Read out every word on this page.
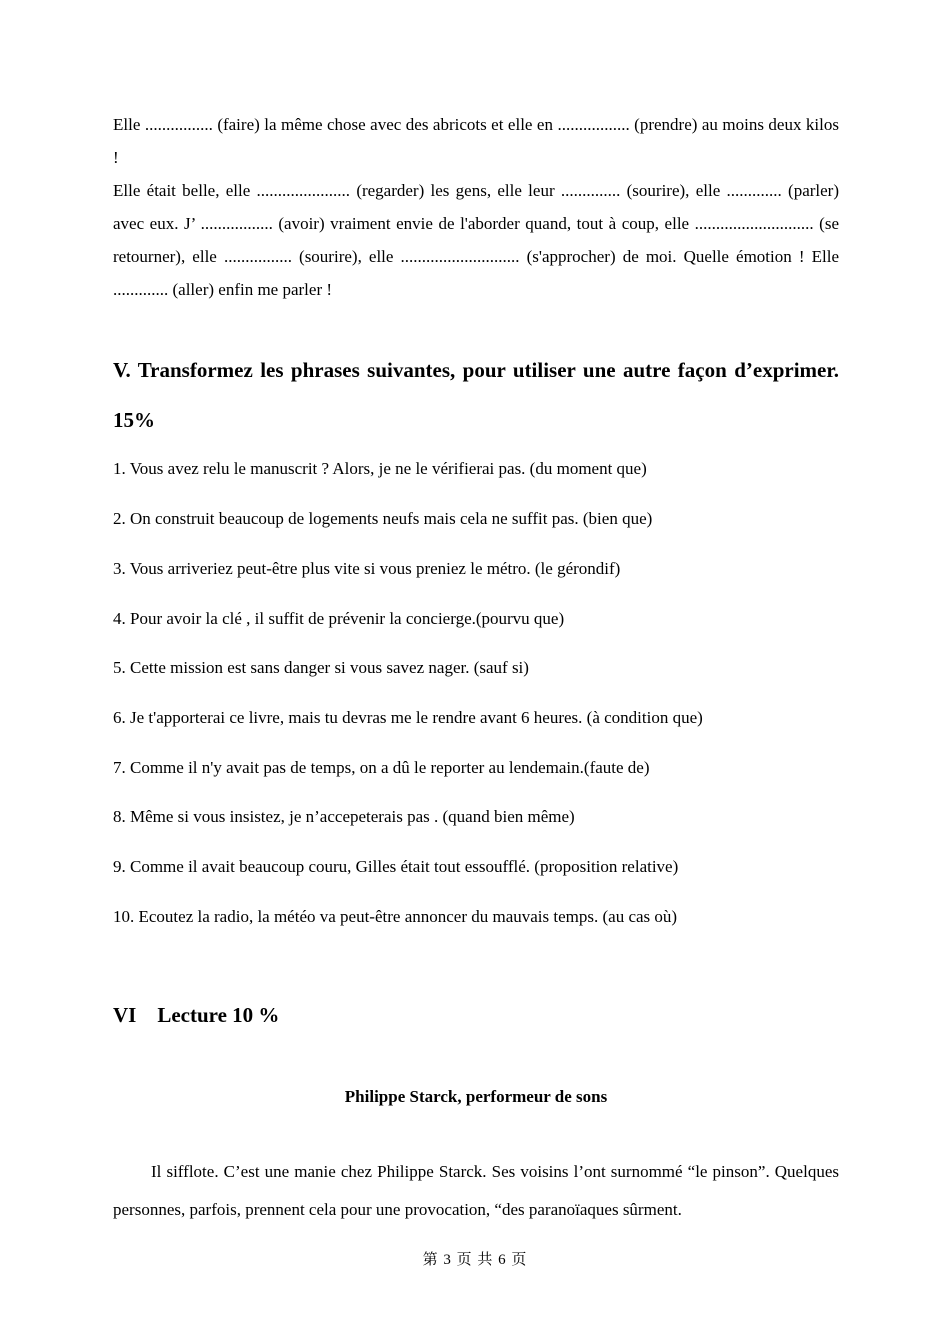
Elle ................ (faire) la même chose avec des abricots et elle en ................. (prendre) au moins deux kilos !

Elle était belle, elle ...................... (regarder) les gens, elle leur .............. (sourire), elle ............. (parler) avec eux. J’ ................. (avoir) vraiment envie de l'aborder quand, tout à coup, elle ............................ (se retourner), elle ................ (sourire), elle ............................ (s'approcher) de moi. Quelle émotion ! Elle ............. (aller) enfin me parler !

V. Transformez les phrases suivantes, pour utiliser une autre façon d’exprimer. 15%

1. Vous avez relu le manuscrit ? Alors, je ne le vérifierai pas. (du moment que)

2. On construit beaucoup de logements neufs mais cela ne suffit pas. (bien que)

3. Vous arriveriez peut-être plus vite si vous preniez le métro. (le gérondif)

4. Pour avoir la clé , il suffit de prévenir la concierge.(pourvu que)

5. Cette mission est sans danger si vous savez nager. (sauf si)

6. Je t'apporterai ce livre, mais tu devras me le rendre avant 6 heures. (à condition que)

7. Comme il n'y avait pas de temps, on a dû le reporter au lendemain.(faute de)

8. Même si vous insistez, je n’accepeterais pas . (quand bien même)

9. Comme il avait beaucoup couru, Gilles était tout essoufflé. (proposition relative)

10. Ecoutez la radio, la météo va peut-être annoncer du mauvais temps. (au cas où)

VI    Lecture 10 %

Philippe Starck, performeur de sons

Il sifflote. C’est une manie chez Philippe Starck. Ses voisins l’ont surnommé “le pinson”. Quelques personnes, parfois, prennent cela pour une provocation, “des paranoïaques sûrment.

第 3 页 共 6 页
